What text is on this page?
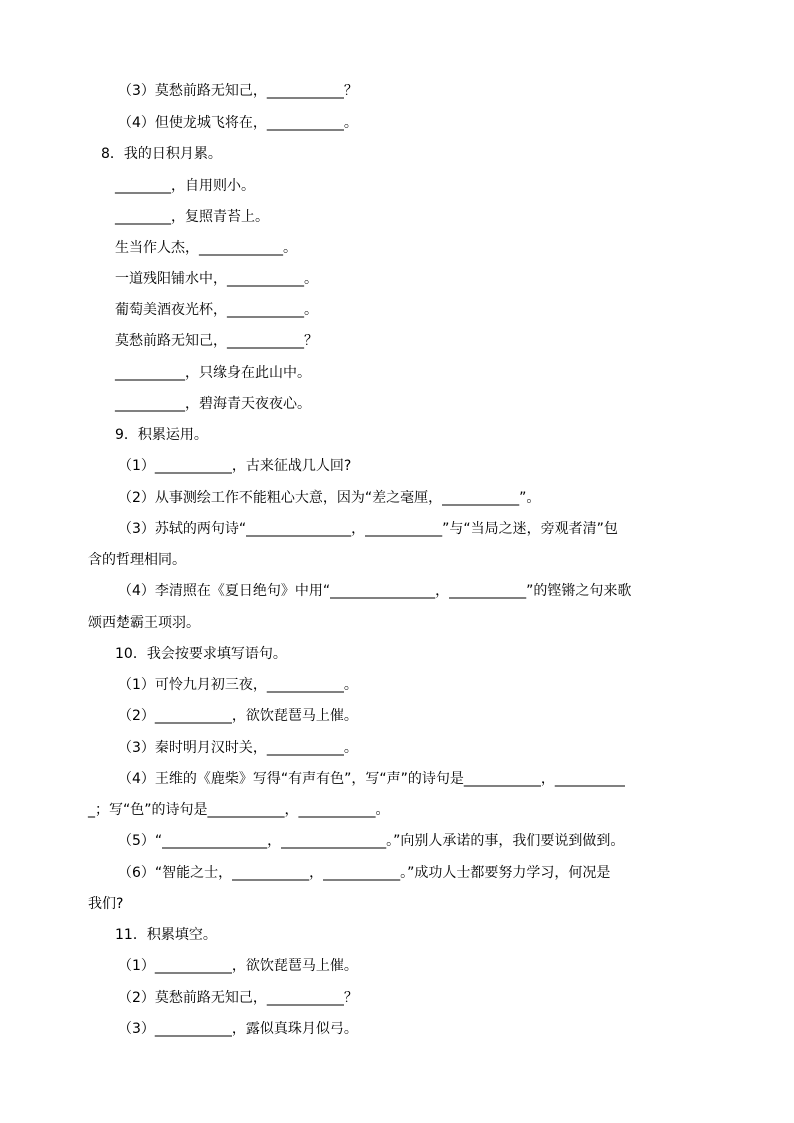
（3）莫愁前路无知己，___________？
（4）但使龙城飞将在，___________。
8．我的日积月累。
________，自用则小。
________，复照青苔上。
生当作人杰，____________。
一道残阳铺水中，___________。
葡萄美酒夜光杯，___________。
莫愁前路无知己，___________？
__________，只缘身在此山中。
__________，碧海青天夜夜心。
9．积累运用。
（1）___________，古来征战几人回?
（2）从事测绘工作不能粗心大意，因为“差之毫厘，___________”。
（3）苏轼的两句诗“_______________，___________”与“当局之迷，旁观者清”包
含的哲理相同。
（4）李清照在《夏日绝句》中用“_______________，___________”的铿锵之句来歌
颂西楚霸王项羽。
10．我会按要求填写语句。
（1）可怜九月初三夜，___________。
（2）___________，欲饮琵琶马上催。
（3）秦时明月汉时关，___________。
（4）王维的《鹿柴》写得“有声有色”，写“声”的诗句是___________，__________
_；写“色”的诗句是___________，___________。
（5）“_______________，_______________。”向别人承诺的事，我们要说到做到。
（6）“智能之士，___________，___________。”成功人士都要努力学习，何况是
我们?
11．积累填空。
（1）___________，欲饮琵琶马上催。
（2）莫愁前路无知己，___________？
（3）___________，露似真珠月似弓。
